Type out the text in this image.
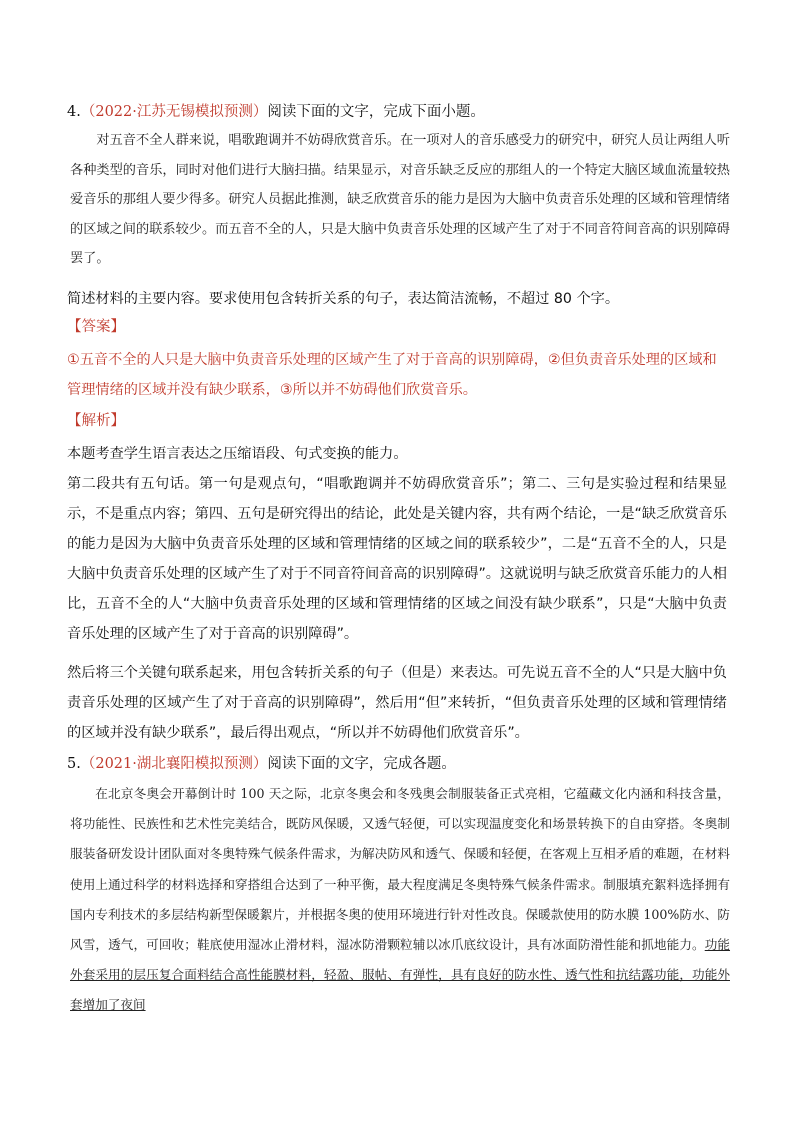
4.（2022·江苏无锡模拟预测）阅读下面的文字，完成下面小题。

对五音不全人群来说，唱歌跑调并不妨碍欣赏音乐。在一项对人的音乐感受力的研究中，研究人员让两组人听各种类型的音乐，同时对他们进行大脑扫描。结果显示，对音乐缺乏反应的那组人的一个特定大脑区域血流量较热爱音乐的那组人要少得多。研究人员据此推测，缺乏欣赏音乐的能力是因为大脑中负责音乐处理的区域和管理情绪的区域之间的联系较少。而五音不全的人，只是大脑中负责音乐处理的区域产生了对于不同音符间音高的识别障碍罢了。

简述材料的主要内容。要求使用包含转折关系的句子，表达简洁流畅，不超过 80 个字。

【答案】

①五音不全的人只是大脑中负责音乐处理的区域产生了对于音高的识别障碍，②但负责音乐处理的区域和管理情绪的区域并没有缺少联系，③所以并不妨碍他们欣赏音乐。

【解析】

本题考查学生语言表达之压缩语段、句式变换的能力。

第二段共有五句话。第一句是观点句，“唱歌跑调并不妨碍欣赏音乐”；第二、三句是实验过程和结果显示，不是重点内容；第四、五句是研究得出的结论，此处是关键内容，共有两个结论，一是“缺乏欣赏音乐的能力是因为大脑中负责音乐处理的区域和管理情绪的区域之间的联系较少”，二是“五音不全的人，只是大脑中负责音乐处理的区域产生了对于不同音符间音高的识别障碍”。这就说明与缺乏欣赏音乐能力的人相比，五音不全的人“大脑中负责音乐处理的区域和管理情绪的区域之间没有缺少联系”，只是“大脑中负责音乐处理的区域产生了对于音高的识别障碍”。

然后将三个关键句联系起来，用包含转折关系的句子（但是）来表达。可先说五音不全的人“只是大脑中负责音乐处理的区域产生了对于音高的识别障碍”，然后用“但”来转折，“但负责音乐处理的区域和管理情绪的区域并没有缺少联系”，最后得出观点，“所以并不妨碍他们欣赏音乐”。

5.（2021·湖北襄阳模拟预测）阅读下面的文字，完成各题。

在北京冬奥会开幕倒计时 100 天之际，北京冬奥会和冬残奥会制服装备正式亮相，它蕴藏文化内涵和科技含量，将功能性、民族性和艺术性完美结合，既防风保暖，又透气轻便，可以实现温度变化和场景转换下的自由穿搭。冬奥制服装备研发设计团队面对冬奥特殊气候条件需求，为解决防风和透气、保暖和轻便，在客观上互相矛盾的难题，在材料使用上通过科学的材料选择和穿搭组合达到了一种平衡，最大程度满足冬奥特殊气候条件需求。制服填充絮料选择拥有国内专利技术的多层结构新型保暖絮片，并根据冬奥的使用环境进行针对性改良。保暖款使用的防水膜 100%防水、防风雪，透气，可回收；鞋底使用湿冰止滑材料，湿冰防滑颗粒辅以冰爪底纹设计，具有冰面防滑性能和抓地能力。功能外套采用的层压复合面料结合高性能膜材料，轻盈、服帖、有弹性，具有良好的防水性、透气性和抗结露功能，功能外套增加了夜间
